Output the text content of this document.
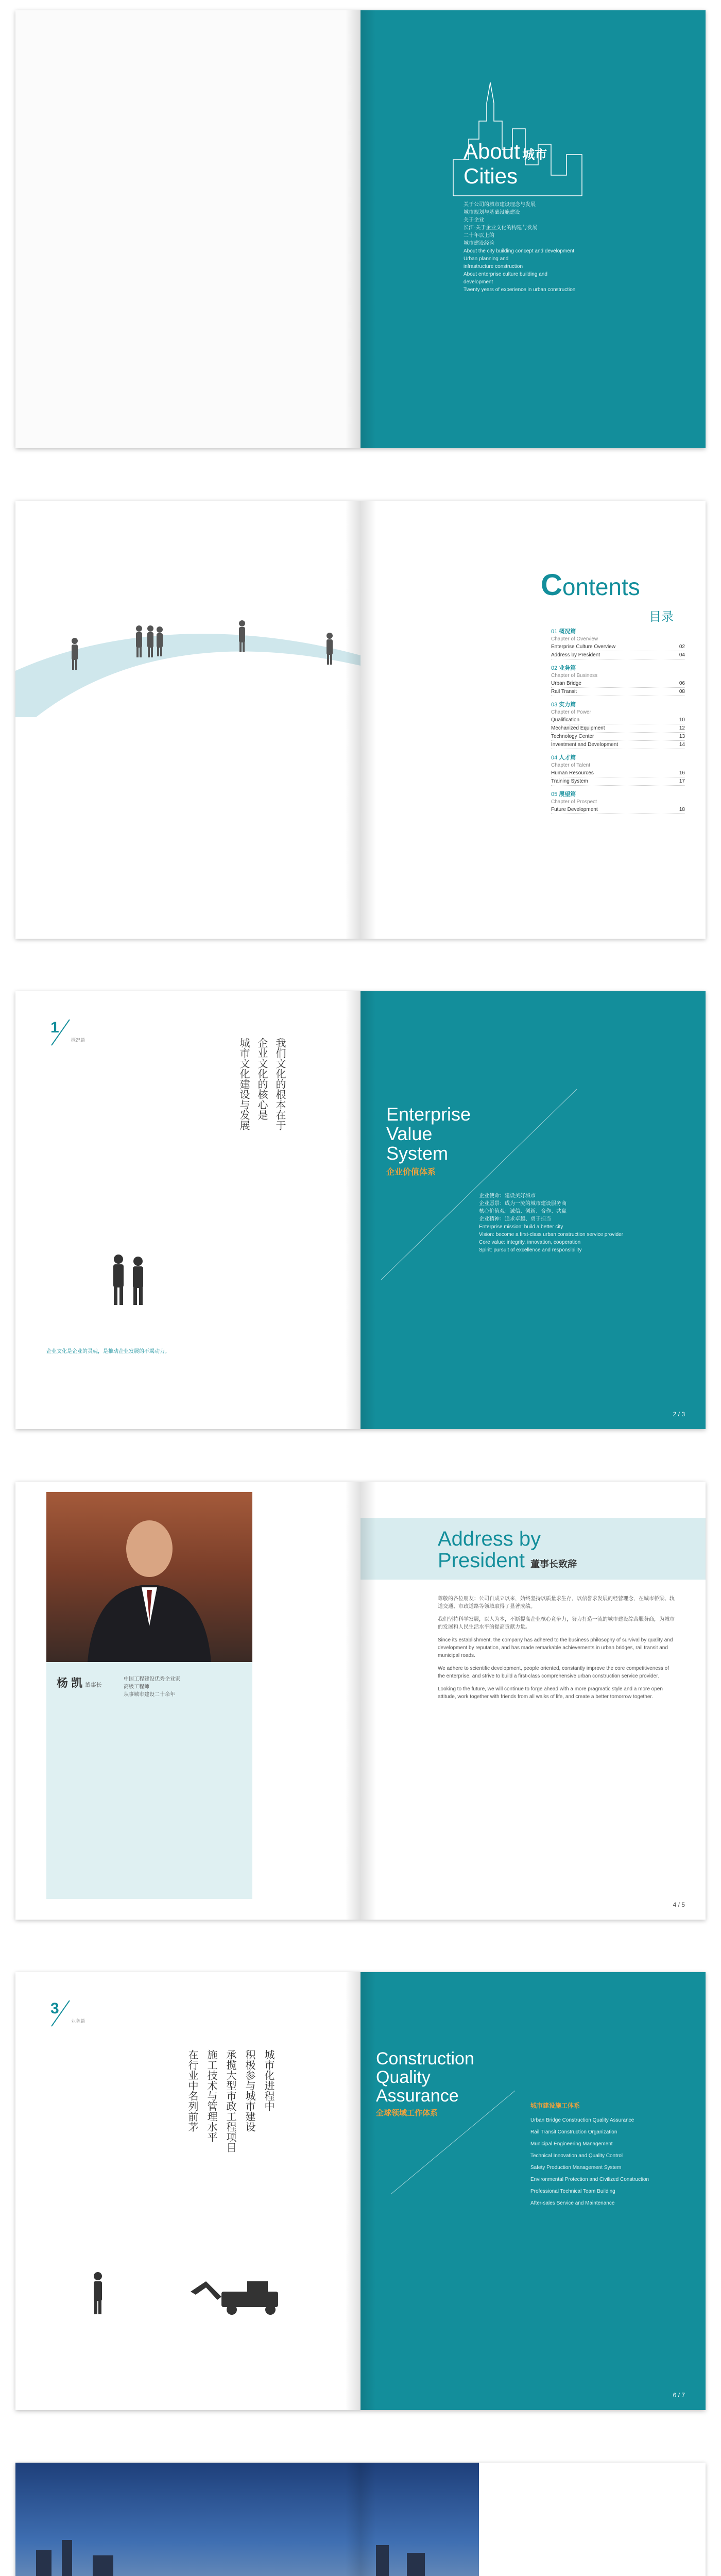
About 城市
Cities
关于公司的城市建设理念与发展
城市规划与基础设施建设
关于企业
长江·关于企业文化的构建与发展
二十年以上的
城市建设经验
About the city building concept and development
Urban planning and
infrastructure construction
About enterprise culture building and development
Twenty years of experience in urban construction
Contents
目录
01 概况篇
Chapter of Overview
Enterprise Culture Overview	02
Address by President	04
02 业务篇
Chapter of Business
Urban Bridge	06
Rail Transit	08
03 实力篇
Chapter of Power
Qualification	10
Mechanized Equipment	12
Technology Center	13
Investment and Development	14
04 人才篇
Chapter of Talent
Human Resources	16
Training System	17
05 展望篇
Chapter of Prospect
Future Development	18
1
概况篇	我们文化的根本在于
企业文化的核心是
城市文化建设与发展
企业文化是企业的灵魂，是推动企业发展的不竭动力。
Enterprise
Value
System
企业价值体系
企业使命：建设美好城市
企业愿景：成为一流的城市建设服务商
核心价值观：诚信、创新、合作、共赢
企业精神：追求卓越、勇于担当
Enterprise mission: build a better city
Vision: become a first-class urban construction service provider
Core value: integrity, innovation, cooperation
Spirit: pursuit of excellence and responsibility
2 / 3
杨 凯 董事长
中国工程建设优秀企业家
高级工程师
从事城市建设二十余年
Address by
President 董事长致辞

尊敬的各位朋友：公司自成立以来，始终坚持以质量求生存，以信誉求发展的经营理念，在城市桥梁、轨道交通、市政道路等领域取得了显著成绩。

我们坚持科学发展，以人为本，不断提高企业核心竞争力，努力打造一流的城市建设综合服务商，为城市的发展和人民生活水平的提高贡献力量。

Since its establishment, the company has adhered to the business philosophy of survival by quality and development by reputation, and has made remarkable achievements in urban bridges, rail transit and municipal roads.

We adhere to scientific development, people oriented, constantly improve the core competitiveness of the enterprise, and strive to build a first-class comprehensive urban construction service provider.

Looking to the future, we will continue to forge ahead with a more pragmatic style and a more open attitude, work together with friends from all walks of life, and create a better tomorrow together.

4 / 5
3
业务篇
城市化进程中
积极参与城市建设
承揽大型市政工程项目
施工技术与管理水平
在行业中名列前茅	Construction
Quality
Assurance
全球领域工作体系
城市建设施工体系
Urban Bridge Construction Quality Assurance
Rail Transit Construction Organization
Municipal Engineering Management
Technical Innovation and Quality Control
Safety Production Management System
Environmental Protection and Civilized Construction
Professional Technical Team Building
After-sales Service and Maintenance
6 / 7
